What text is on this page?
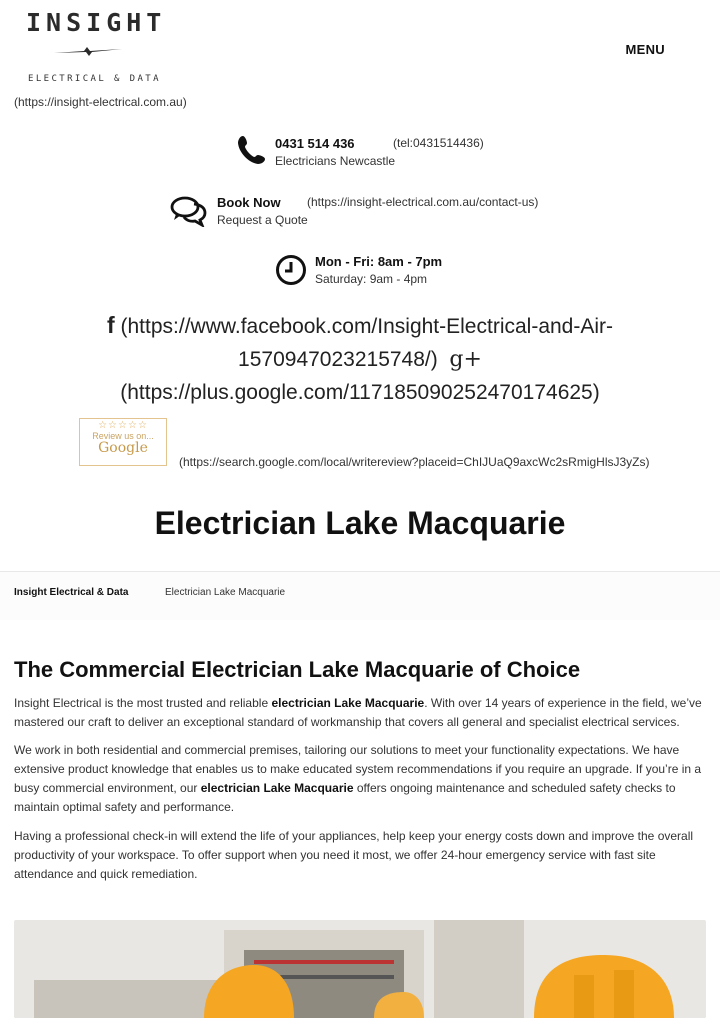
INSIGHT
ELECTRICAL & DATA
(https://insight-electrical.com.au)
MENU
0431 514 436
Electricians Newcastle
(tel:0431514436)
Book Now
Request a Quote
(https://insight-electrical.com.au/contact-us)
Mon - Fri: 8am - 7pm
Saturday: 9am - 4pm
f (https://www.facebook.com/Insight-Electrical-and-Air-
1570947023215748/) g+
(https://plus.google.com/117185090252470174625)
☆☆☆☆☆
Review us on...
Google
(https://search.google.com/local/writereview?placeid=ChIJUaQ9axcWc2sRmigHlsJ3yZs)
Electrician Lake Macquarie
Insight Electrical & Data	Electrician Lake Macquarie
The Commercial Electrician Lake Macquarie of Choice

Insight Electrical is the most trusted and reliable electrician Lake Macquarie. With over 14 years of experience in the field, we’ve mastered our craft to deliver an exceptional standard of workmanship that covers all general and specialist electrical services.

We work in both residential and commercial premises, tailoring our solutions to meet your functionality expectations. We have extensive product knowledge that enables us to make educated system recommendations if you require an upgrade. If you’re in a busy commercial environment, our electrician Lake Macquarie offers ongoing maintenance and scheduled safety checks to maintain optimal safety and performance.

Having a professional check-in will extend the life of your appliances, help keep your energy costs down and improve the overall productivity of your workspace. To offer support when you need it most, we offer 24-hour emergency service with fast site attendance and quick remediation.
